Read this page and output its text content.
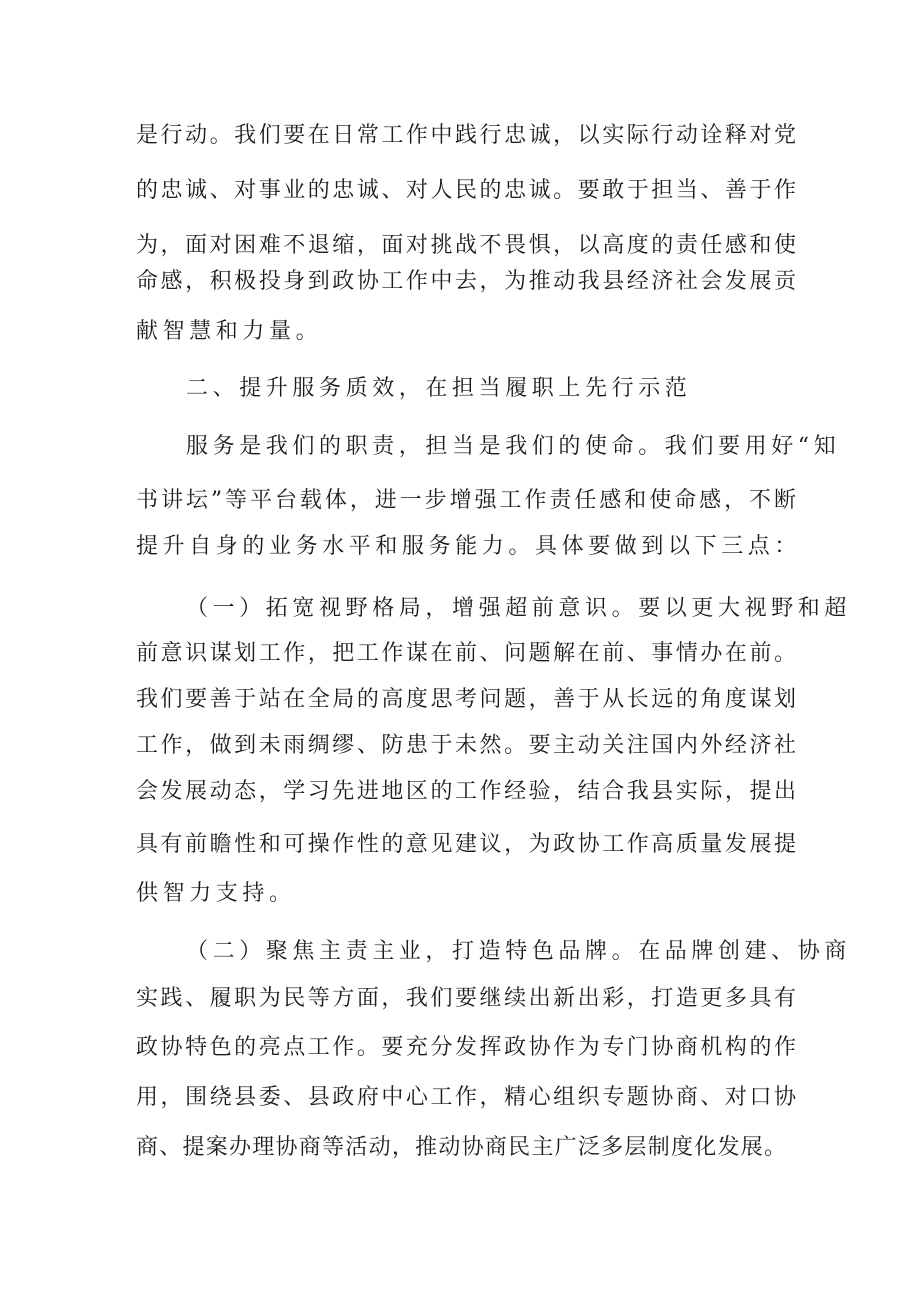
是行动。我们要在日常工作中践行忠诚，以实际行动诠释对党
的忠诚、对事业的忠诚、对人民的忠诚。要敢于担当、善于作
为，面对困难不退缩，面对挑战不畏惧，以高度的责任感和使
命感，积极投身到政协工作中去，为推动我县经济社会发展贡
献智慧和力量。
二、提升服务质效，在担当履职上先行示范
服务是我们的职责，担当是我们的使命。我们要用好“知
书讲坛”等平台载体，进一步增强工作责任感和使命感，不断
提升自身的业务水平和服务能力。具体要做到以下三点：
（一）拓宽视野格局，增强超前意识。要以更大视野和超
前意识谋划工作，把工作谋在前、问题解在前、事情办在前。
我们要善于站在全局的高度思考问题，善于从长远的角度谋划
工作，做到未雨绸缪、防患于未然。要主动关注国内外经济社
会发展动态，学习先进地区的工作经验，结合我县实际，提出
具有前瞻性和可操作性的意见建议，为政协工作高质量发展提
供智力支持。
（二）聚焦主责主业，打造特色品牌。在品牌创建、协商
实践、履职为民等方面，我们要继续出新出彩，打造更多具有
政协特色的亮点工作。要充分发挥政协作为专门协商机构的作
用，围绕县委、县政府中心工作，精心组织专题协商、对口协
商、提案办理协商等活动，推动协商民主广泛多层制度化发展。
